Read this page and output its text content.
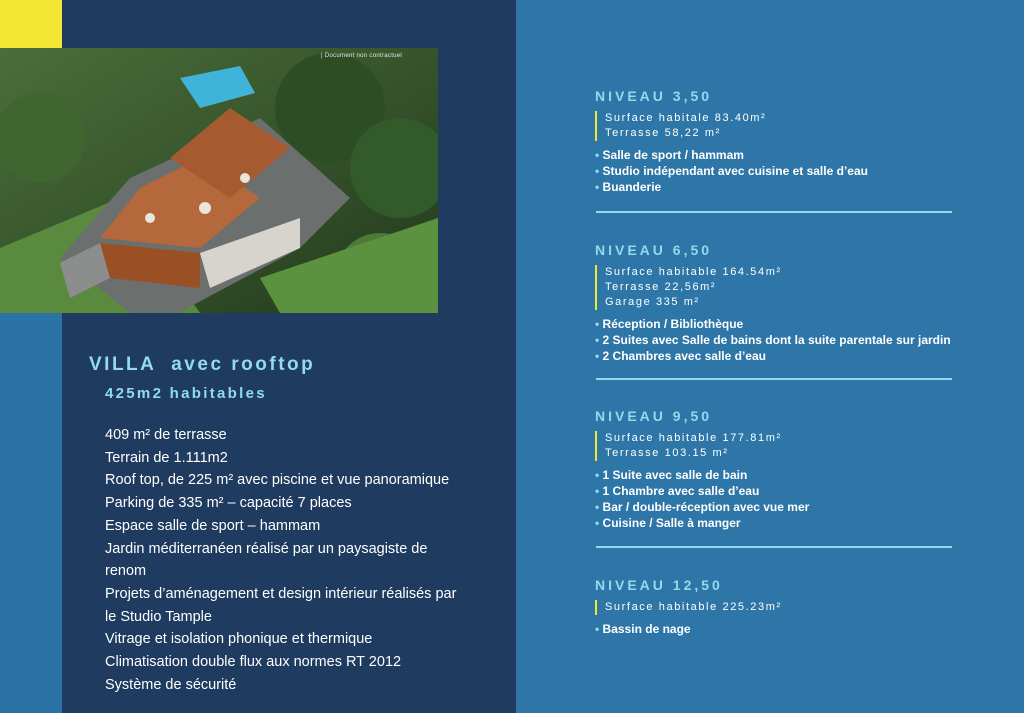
| Document non contractuel
VILLA  avec rooftop
425m2 habitables
409 m² de terrasse
Terrain de 1.111m2
Roof top, de 225 m² avec piscine et vue panoramique
Parking de 335 m² – capacité 7 places
Espace salle de sport – hammam
Jardin méditerranéen réalisé par un paysagiste de
renom
Projets d’aménagement et design intérieur réalisés par
le Studio Tample
Vitrage et isolation phonique et thermique
Climatisation double flux aux normes RT 2012
Système de sécurité
NIVEAU 3,50
Surface habitale 83.40m²
Terrasse 58,22 m²
• Salle de sport / hammam
• Studio indépendant avec cuisine et salle d’eau
• Buanderie
NIVEAU 6,50
Surface habitable 164.54m²
Terrasse 22,56m²
Garage 335 m²
• Réception / Bibliothèque
• 2 Suites avec Salle de bains dont la suite parentale sur jardin
• 2 Chambres avec salle d’eau
NIVEAU 9,50
Surface habitable 177.81m²
Terrasse 103.15 m²
• 1 Suite avec salle de bain
• 1 Chambre avec salle d’eau
• Bar / double-réception avec vue mer
• Cuisine / Salle à manger
NIVEAU 12,50
Surface habitable 225.23m²
• Bassin de nage
